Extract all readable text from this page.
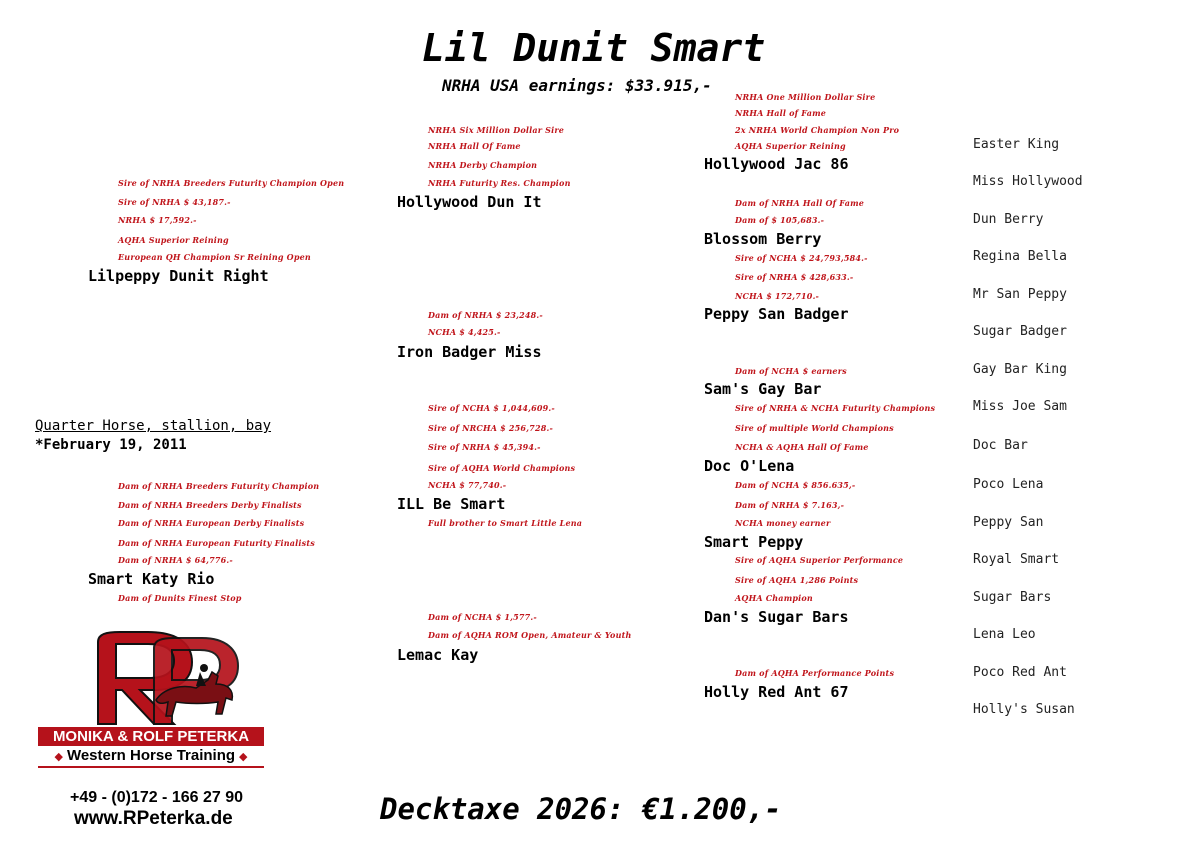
Lil Dunit Smart
NRHA USA earnings: $33.915,-
Sire of NRHA Breeders Futurity Champion Open
Sire of NRHA $ 43,187.-
NRHA $ 17,592.-
AQHA Superior Reining
European QH Champion Sr Reining Open
Lilpeppy Dunit Right
Quarter Horse, stallion, bay
*February 19, 2011
Dam of NRHA Breeders Futurity Champion
Dam of NRHA Breeders Derby Finalists
Dam of NRHA European Derby Finalists
Dam of NRHA European Futurity Finalists
Dam of NRHA $ 64,776.-
Smart Katy Rio
Dam of Dunits Finest Stop
NRHA Six Million Dollar Sire
NRHA Hall Of Fame
NRHA Derby Champion
NRHA Futurity Res. Champion
Hollywood Dun It
Dam of NRHA $ 23,248.-
NCHA $ 4,425.-
Iron Badger Miss
Sire of NCHA $ 1,044,609.-
Sire of NRCHA $ 256,728.-
Sire of NRHA $ 45,394.-
Sire of AQHA World Champions
NCHA $ 77,740.-
ILL Be Smart
Full brother to Smart Little Lena
Dam of NCHA $ 1,577.-
Dam of AQHA ROM Open, Amateur & Youth
Lemac Kay
NRHA One Million Dollar Sire
NRHA Hall of Fame
2x NRHA World Champion Non Pro
AQHA Superior Reining
Hollywood Jac 86
Dam of NRHA Hall Of Fame
Dam of $ 105,683.-
Blossom Berry
Sire of NCHA $ 24,793,584.-
Sire of NRHA $ 428,633.-
NCHA $ 172,710.-
Peppy San Badger
Dam of NCHA $ earners
Sam's Gay Bar
Sire of NRHA & NCHA Futurity Champions
Sire of multiple World Champions
NCHA & AQHA Hall Of Fame
Doc O'Lena
Dam of NCHA $ 856.635,-
Dam of NRHA $ 7.163,-
NCHA money earner
Smart Peppy
Sire of AQHA Superior Performance
Sire of AQHA 1,286 Points
AQHA Champion
Dan's Sugar Bars
Dam of AQHA Performance Points
Holly Red Ant 67
Easter King
Miss Hollywood
Dun Berry
Regina Bella
Mr San Peppy
Sugar Badger
Gay Bar King
Miss Joe Sam
Doc Bar
Poco Lena
Peppy San
Royal Smart
Sugar Bars
Lena Leo
Poco Red Ant
Holly's Susan
MONIKA & ROLF PETERKA
◆ Western Horse Training ◆
+49 - (0)172 - 166 27 90
www.RPeterka.de	Decktaxe 2026: €1.200,-
